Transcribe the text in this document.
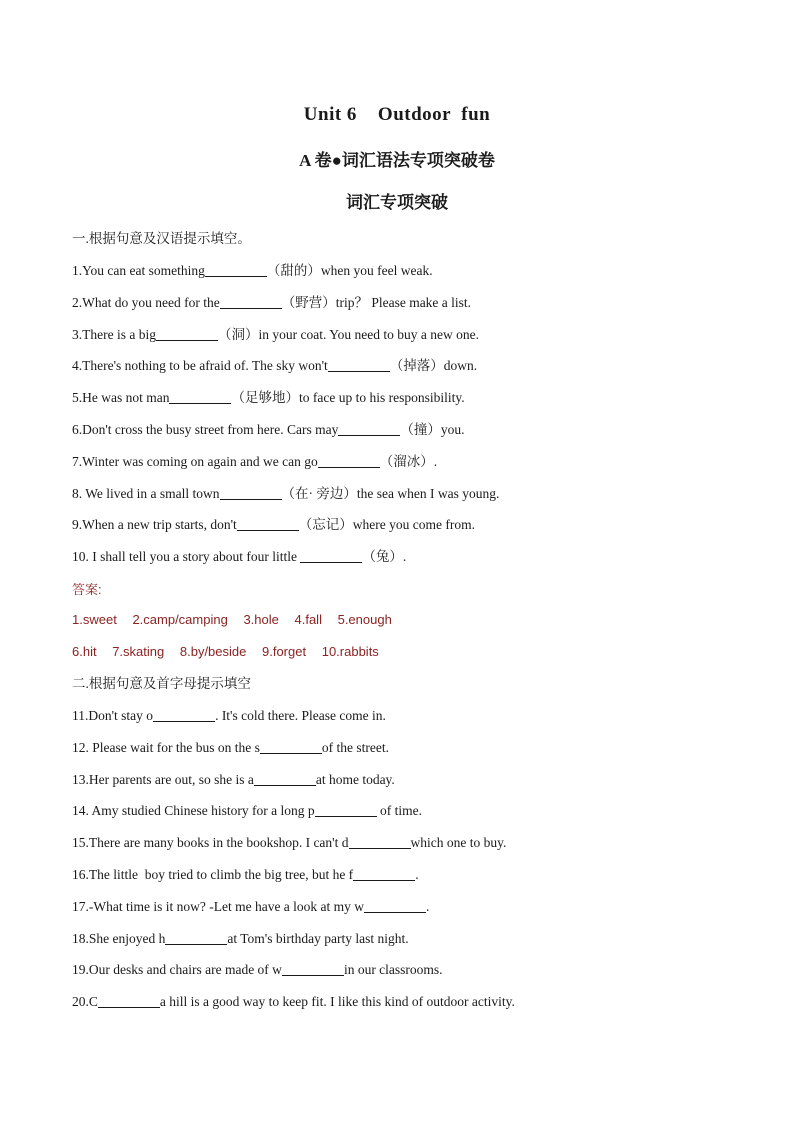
Unit 6    Outdoor  fun
A 卷●词汇语法专项突破卷
词汇专项突破
一.根据句意及汉语提示填空。
1.You can eat something	（甜的）when you feel weak.
2.What do you need for the	（野营）trip？ Please make a list.
3.There is a big	（洞）in your coat. You need to buy a new one.
4.There's nothing to be afraid of. The sky won't	（掉落）down.
5.He was not man	（足够地）to face up to his responsibility.
6.Don't cross the busy street from here. Cars may	（撞）you.
7.Winter was coming on again and we can go	（溜冰）.
8. We lived in a small town	（在· 旁边）the sea when I was young.
9.When a new trip starts, don't	（忘记）where you come from.
10. I shall tell you a story about four little	（兔）.
答案:
1.sweet 2.camp/camping 3.hole 4.fall 5.enough
6.hit 7.skating 8.by/beside 9.forget 10.rabbits
二.根据句意及首字母提示填空
11.Don't stay o	. It's cold there. Please come in.
12. Please wait for the bus on the s	of the street.
13.Her parents are out, so she is a	at home today.
14. Amy studied Chinese history for a long p	of time.
15.There are many books in the bookshop. I can't d	which one to buy.
16.The little  boy tried to climb the big tree, but he f	.
17.-What time is it now? -Let me have a look at my w	.
18.She enjoyed h	at Tom's birthday party last night.
19.Our desks and chairs are made of w	in our classrooms.
20.C	a hill is a good way to keep fit. I like this kind of outdoor activity.
